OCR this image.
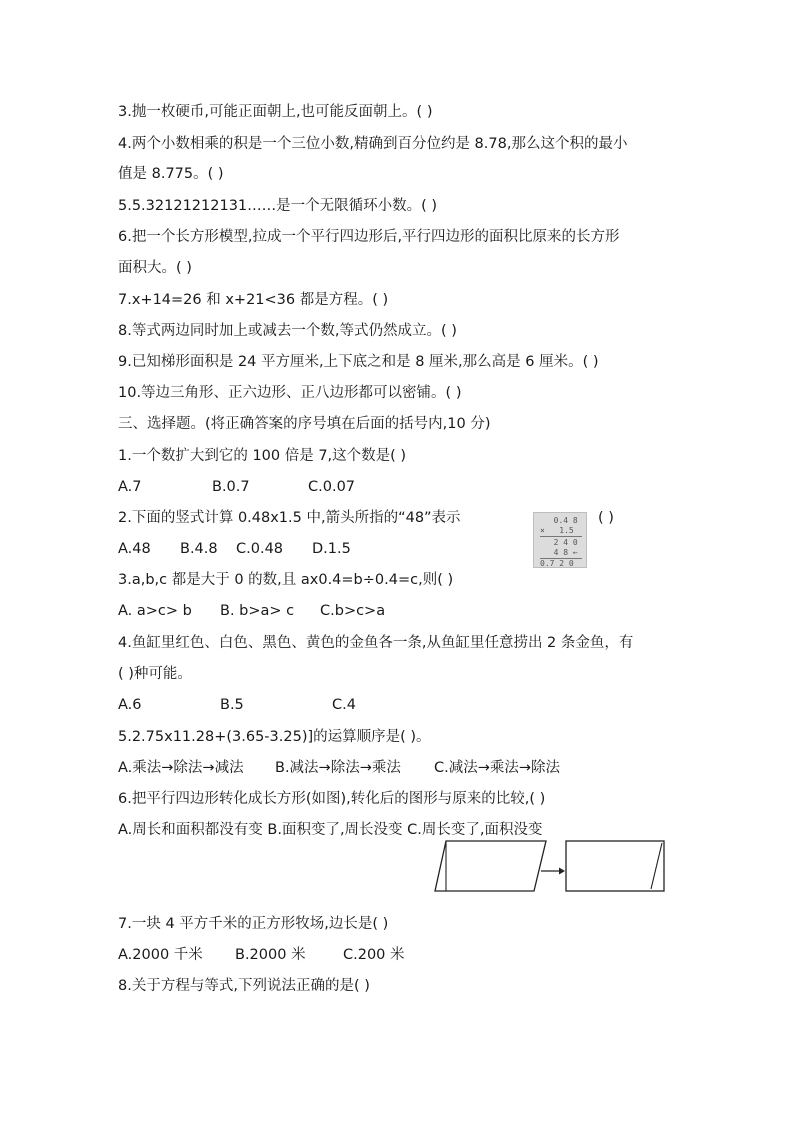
3.抛一枚硬币,可能正面朝上,也可能反面朝上。( )
4.两个小数相乘的积是一个三位小数,精确到百分位约是 8.78,那么这个积的最小
值是 8.775。( )
5.5.32121212131……是一个无限循环小数。( )
6.把一个长方形模型,拉成一个平行四边形后,平行四边形的面积比原来的长方形
面积大。( )
7.x+14=26 和 x+21<36 都是方程。( )
8.等式两边同时加上或减去一个数,等式仍然成立。( )
9.已知梯形面积是 24 平方厘米,上下底之和是 8 厘米,那么高是 6 厘米。( )
10.等边三角形、正六边形、正八边形都可以密铺。( )
三、选择题。(将正确答案的序号填在后面的括号内,10 分)
1.一个数扩大到它的 100 倍是 7,这个数是( )
A.7	B.0.7	C.0.07
2.下面的竖式计算 0.48x1.5 中,箭头所指的“48”表示	( )
0.4 8
×   1.5
2 4 0
4 8 ←
0.7 2 0
A.48 B.4.8 C.0.48 D.1.5
3.a,b,c 都是大于 0 的数,且 ax0.4=b÷0.4=c,则( )
A. a>c> b B. b>a> c C.b>c>a
4.鱼缸里红色、白色、黑色、黄色的金鱼各一条,从鱼缸里任意捞出 2 条金鱼，有
( )种可能。
A.6	B.5	C.4
5.2.75x11.28+(3.65-3.25)]的运算顺序是( )。
A.乘法→除法→减法 B.减法→除法→乘法 C.减法→乘法→除法
6.把平行四边形转化成长方形(如图),转化后的图形与原来的比较,( )
A.周长和面积都没有变 B.面积变了,周长没变 C.周长变了,面积没变
7.一块 4 平方千米的正方形牧场,边长是( )
A.2000 千米 B.2000 米	C.200 米
8.关于方程与等式,下列说法正确的是( )
